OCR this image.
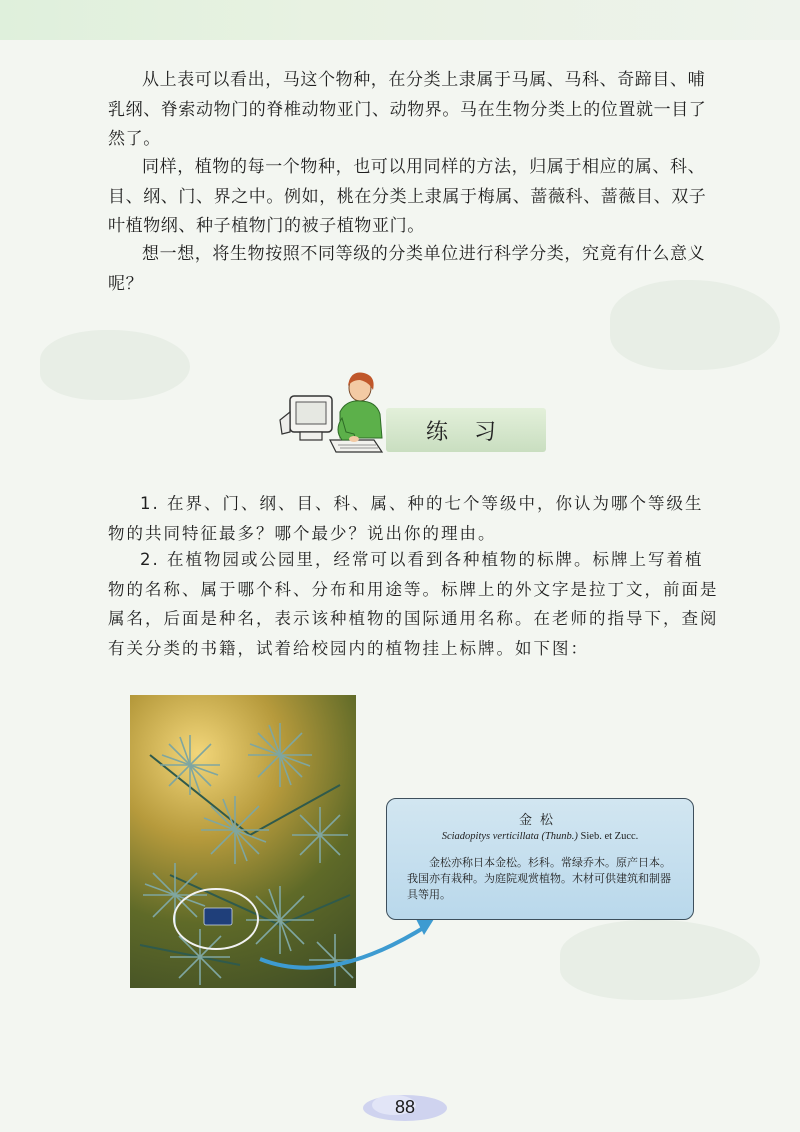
从上表可以看出，马这个物种，在分类上隶属于马属、马科、奇蹄目、哺乳纲、脊索动物门的脊椎动物亚门、动物界。马在生物分类上的位置就一目了然了。

同样，植物的每一个物种，也可以用同样的方法，归属于相应的属、科、目、纲、门、界之中。例如，桃在分类上隶属于梅属、蔷薇科、蔷薇目、双子叶植物纲、种子植物门的被子植物亚门。

想一想，将生物按照不同等级的分类单位进行科学分类，究竟有什么意义呢？

练习

1. 在界、门、纲、目、科、属、种的七个等级中，你认为哪个等级生物的共同特征最多？哪个最少？说出你的理由。

2. 在植物园或公园里，经常可以看到各种植物的标牌。标牌上写着植物的名称、属于哪个科、分布和用途等。标牌上的外文字是拉丁文，前面是属名，后面是种名，表示该种植物的国际通用名称。在老师的指导下，查阅有关分类的书籍，试着给校园内的植物挂上标牌。如下图：

金松
Sciadopitys verticillata (Thunb.) Sieb. et Zucc.

金松亦称日本金松。杉科。常绿乔木。原产日本。我国亦有栽种。为庭院观赏植物。木材可供建筑和制器具等用。

88
